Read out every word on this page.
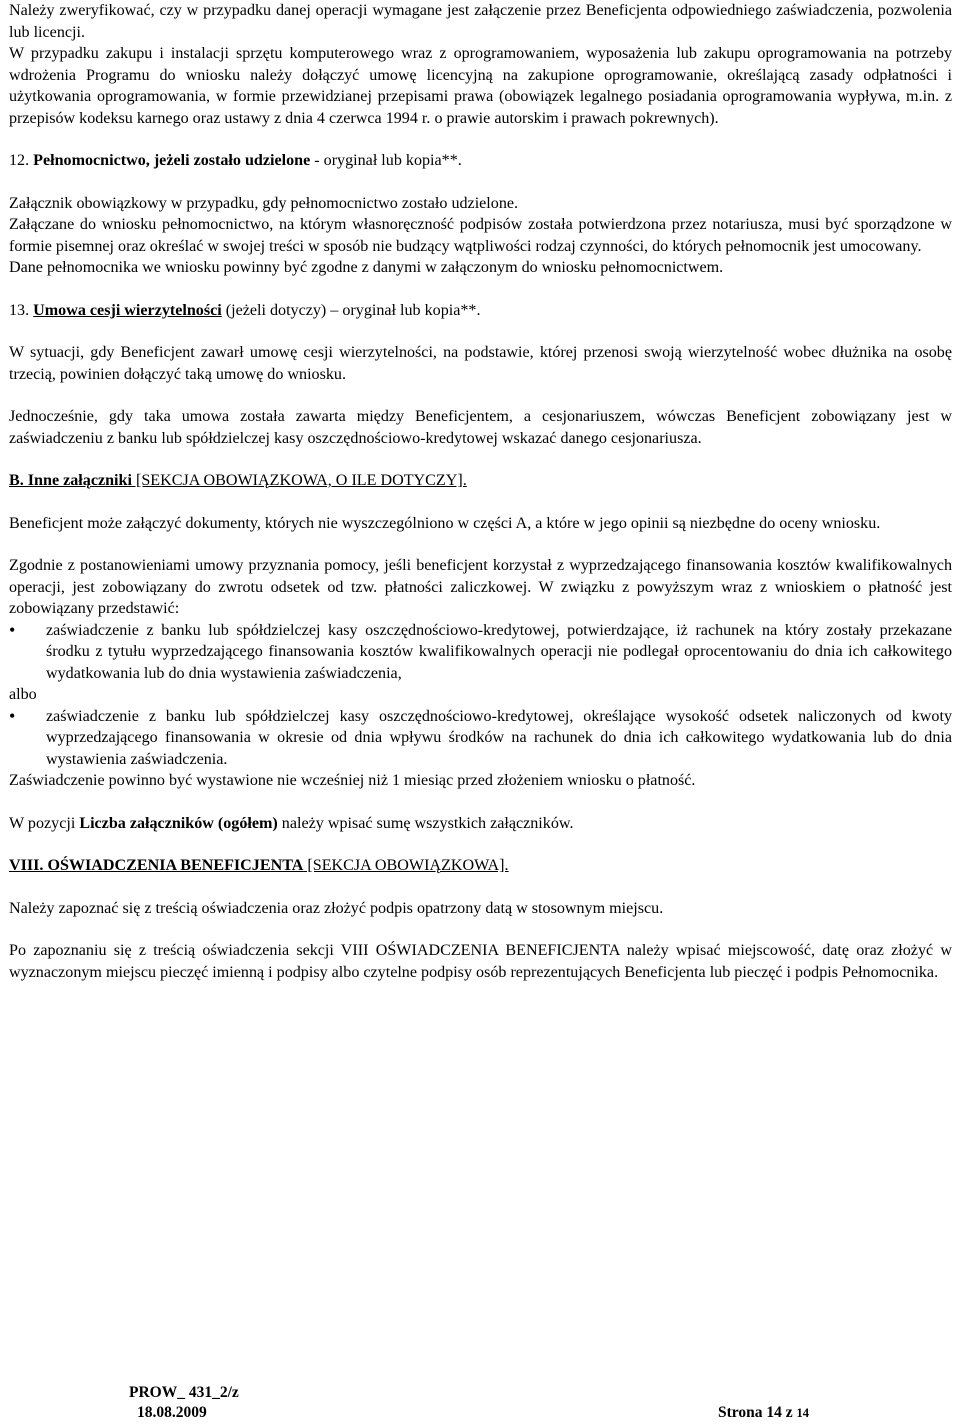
Należy zweryfikować, czy w przypadku danej operacji wymagane jest załączenie przez Beneficjenta odpowiedniego zaświadczenia, pozwolenia lub licencji.

W przypadku zakupu i instalacji sprzętu komputerowego wraz z oprogramowaniem, wyposażenia lub zakupu oprogramowania na potrzeby wdrożenia Programu do wniosku należy dołączyć umowę licencyjną na zakupione oprogramowanie, określającą zasady odpłatności i użytkowania oprogramowania, w formie przewidzianej przepisami prawa (obowiązek legalnego posiadania oprogramowania wypływa, m.in. z przepisów kodeksu karnego oraz ustawy z dnia 4 czerwca 1994 r. o prawie autorskim i prawach pokrewnych).

12. Pełnomocnictwo, jeżeli zostało udzielone - oryginał lub kopia**.

Załącznik obowiązkowy w przypadku, gdy pełnomocnictwo zostało udzielone.

Załączane do wniosku pełnomocnictwo, na którym własnoręczność podpisów została potwierdzona przez notariusza, musi być sporządzone w formie pisemnej oraz określać w swojej treści w sposób nie budzący wątpliwości rodzaj czynności, do których pełnomocnik jest umocowany.

Dane pełnomocnika we wniosku powinny być zgodne z danymi w załączonym do wniosku pełnomocnictwem.

13. Umowa cesji wierzytelności (jeżeli dotyczy) – oryginał lub kopia**.

W sytuacji, gdy Beneficjent zawarł umowę cesji wierzytelności, na podstawie, której przenosi swoją wierzytelność wobec dłużnika na osobę trzecią, powinien dołączyć taką umowę do wniosku.

Jednocześnie, gdy taka umowa została zawarta między Beneficjentem, a cesjonariuszem, wówczas Beneficjent zobowiązany jest w zaświadczeniu z banku lub spółdzielczej kasy oszczędnościowo-kredytowej wskazać danego cesjonariusza.

B. Inne załączniki [SEKCJA OBOWIĄZKOWA, O ILE DOTYCZY].

Beneficjent może załączyć dokumenty, których nie wyszczególniono w części A, a które w jego opinii są niezbędne do oceny wniosku.

Zgodnie z postanowieniami umowy przyznania pomocy, jeśli beneficjent korzystał z wyprzedzającego finansowania kosztów kwalifikowalnych operacji, jest zobowiązany do zwrotu odsetek od tzw. płatności zaliczkowej. W związku z powyższym wraz z wnioskiem o płatność jest zobowiązany przedstawić:

• zaświadczenie z banku lub spółdzielczej kasy oszczędnościowo-kredytowej, potwierdzające, iż rachunek na który zostały przekazane środku z tytułu wyprzedzającego finansowania kosztów kwalifikowalnych operacji nie podlegał oprocentowaniu do dnia ich całkowitego wydatkowania lub do dnia wystawienia zaświadczenia,

albo

• zaświadczenie z banku lub spółdzielczej kasy oszczędnościowo-kredytowej, określające wysokość odsetek naliczonych od kwoty wyprzedzającego finansowania w okresie od dnia wpływu środków na rachunek do dnia ich całkowitego wydatkowania lub do dnia wystawienia zaświadczenia.

Zaświadczenie powinno być wystawione nie wcześniej niż 1 miesiąc przed złożeniem wniosku o płatność.

W pozycji Liczba załączników (ogółem) należy wpisać sumę wszystkich załączników.

VIII. OŚWIADCZENIA BENEFICJENTA [SEKCJA OBOWIĄZKOWA].

Należy zapoznać się z treścią oświadczenia oraz złożyć podpis opatrzony datą w stosownym miejscu.

Po zapoznaniu się z treścią oświadczenia sekcji VIII OŚWIADCZENIA BENEFICJENTA należy wpisać miejscowość, datę oraz złożyć w wyznaczonym miejscu pieczęć imienną i podpisy albo czytelne podpisy osób reprezentujących Beneficjenta lub pieczęć i podpis Pełnomocnika.

PROW_ 431_2/z
18.08.2009	Strona 14 z 14
